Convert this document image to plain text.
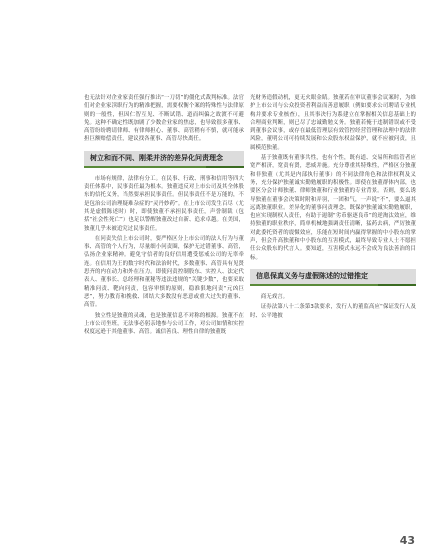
也无法针对企业家责任强行推出“一刀切”的僵化式裁判标准。法官们对企业家渎职行为的精准把握，需要权衡个案的特殊性与法律原则的一般性，但因仁智互见、不断试错、道而纠偏之故渡不可避免。这种不确定性既加剧了少数企业家的焦虑，也导致很多董事、高管纷纷聘请律师、有律师担心、董事、高管稍有不慎，就可能承担巨额赔偿责任，建议找各董事、高管尽快离任。

树立和而不同、刚柔并济的差异化问责理念

市场有规律，法律有分工。在民事、行政、刑事和信用等四大责任体系中，民事责任最为根本。独董违反对上市公司及其全体股东的信托义务，当然要承担民事责任。但民事责任不是万能的，不是包治公司治理疑难杂症的“灵丹妙药”。在上市公司发生百尽（尤其是虚假陈述时）时，即使独董不承担民事责任，声誉制裁（包括“社会性死亡”）也足以警醒独董改过自新、追求卓越。在美国，独董几乎未被追究过民事责任。

在问责失信上市公司时，要严格区分上市公司的法人行为与董事、高管的个人行为，尽量细小问责圈，保护无过错董事、高管，弘扬企业家精神。避免守信者的良好信用遭受惩戒公司的无辜牵连。在信用为王的数字时代和法治时代，多数董事、高管具有见贤思齐的内在动力和外在压力。即使问责控制股东、实控人、法定代表人、董事长、总经理和董秘等违法违规的“关键少数”，也要采取精准问责、靶向问责，包容审慎的原则，稳准狠地问责“元凶巨恶”，努力教育和挽救、团结大多数没有恶意或重大过失的董事、高管。

独立性是独董的灵魂，也是独董信息不对称的根源。独董不在上市公司坐班，无法事必躬亲地参与公司工作，对公司如情和实控权度远逊于其他董事、高管。诚信善良、理性自律的独董既

光财务造假动机，更无火眼金睛。独董若在审议董事会议案时，为维护上市公司与公众投资者利益而善意履职（例如要求公司聘请专业机构并要求专业核查），且其事决行为系建立在掌握相关信息基础上的合理商业判断，则已尽了忠诚勤勉义务。独董若掩于违制错误或不受到董事会议事，或存在最低管理层有效管控经营管理和法理中的法律风险，董明公司可持续发展和公众股东权益保护，就不应被问责，且属模范独董。

基于独董既有董事共性，也有个性，既有道、交易所和监管者应宽严相济，宽责有贤，恶威并施。充分尊重其特殊性，严格区分独董和非独董（尤其是内部执行董事）的不同法律角色和法律权利及义务，充分保护独董诚实勤勉履职的积极性。即使在独董群体内部，也要区分会计师独董、律师独董和行业独董的专业背景。否则，要么诱导独董在董事会决策时附和弄羽，一团和气，一声说“不”，要么逼其远离独董职业。差异化的董事问责理念，既保护独董诚实勤勉履职，也应实现制权人责任，有助于遏制“劣币驱逐良币”的逆淘汰效应，维持独董的职业秩序，简单机械地强调责任清晰，猛药去病，严厉独董对此委托资者的震慑效应，乐能在短时间内赢得掌握的中小股东的掌声，但会升高独董和中小股东的互害模式，最终导致专业人士不愿担任公众股东的代言人。要知道，互害模式永远不会成为良法善治的目标。

信息保真义务与虚假陈述的过错推定

商无戏言。

证券法第八十二条第3款要求，发行人的董监高应“保证发行人及时、公平地披

43
